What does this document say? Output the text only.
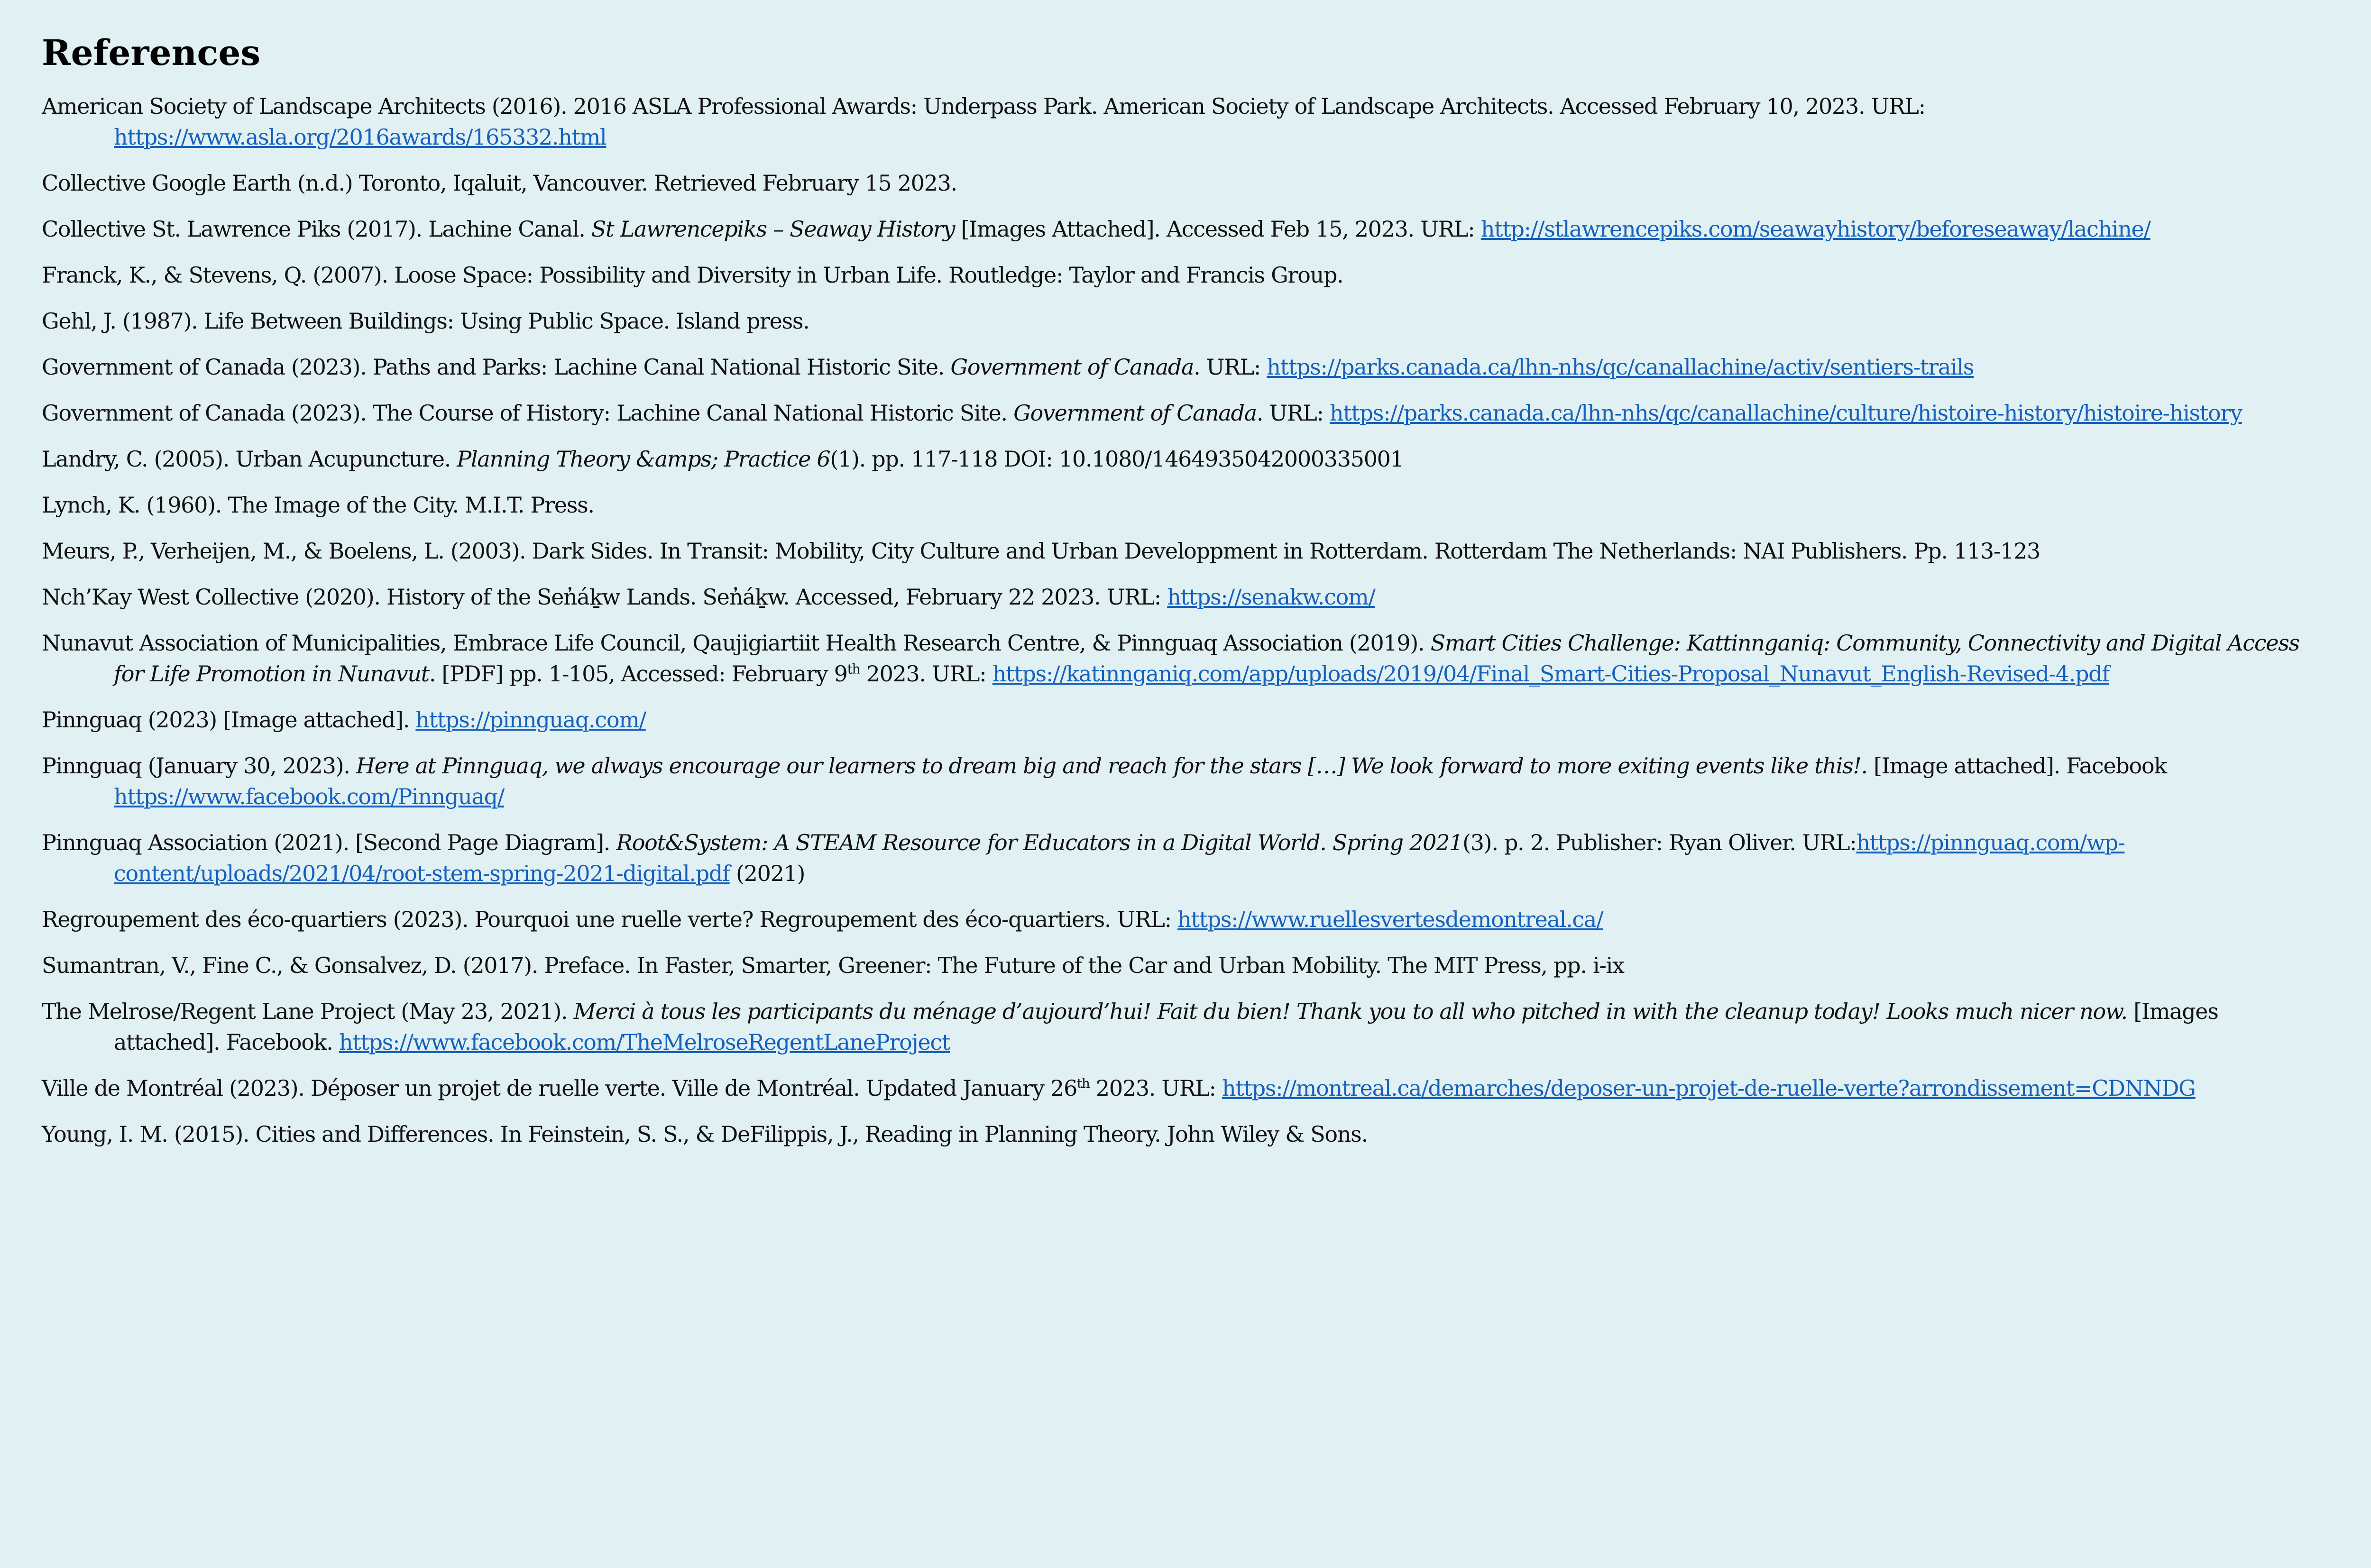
References
American Society of Landscape Architects (2016). 2016 ASLA Professional Awards: Underpass Park. American Society of Landscape Architects. Accessed February 10, 2023. URL: https://www.asla.org/2016awards/165332.html
Collective Google Earth (n.d.) Toronto, Iqaluit, Vancouver. Retrieved February 15 2023.
Collective St. Lawrence Piks (2017). Lachine Canal. St Lawrencepiks – Seaway History [Images Attached]. Accessed Feb 15, 2023. URL: http://stlawrencepiks.com/seawayhistory/beforeseaway/lachine/
Franck, K., & Stevens, Q. (2007). Loose Space: Possibility and Diversity in Urban Life. Routledge: Taylor and Francis Group.
Gehl, J. (1987). Life Between Buildings: Using Public Space. Island press.
Government of Canada (2023). Paths and Parks: Lachine Canal National Historic Site. Government of Canada. URL: https://parks.canada.ca/lhn-nhs/qc/canallachine/activ/sentiers-trails
Government of Canada (2023). The Course of History: Lachine Canal National Historic Site. Government of Canada. URL: https://parks.canada.ca/lhn-nhs/qc/canallachine/culture/histoire-history/histoire-history
Landry, C. (2005). Urban Acupuncture. Planning Theory &amps; Practice 6(1). pp. 117-118 DOI: 10.1080/1464935042000335001
Lynch, K. (1960). The Image of the City. M.I.T. Press.
Meurs, P., Verheijen, M., & Boelens, L. (2003). Dark Sides. In Transit: Mobility, City Culture and Urban Developpment in Rotterdam. Rotterdam The Netherlands: NAI Publishers. Pp. 113-123
Nch’Kay West Collective (2020). History of the Sen̓áḵw Lands. Sen̓áḵw. Accessed, February 22 2023. URL: https://senakw.com/
Nunavut Association of Municipalities, Embrace Life Council, Qaujigiartiit Health Research Centre, & Pinnguaq Association (2019). Smart Cities Challenge: Kattinnganiq: Community, Connectivity and Digital Access for Life Promotion in Nunavut. [PDF] pp. 1-105, Accessed: February 9th 2023. URL: https://katinnganiq.com/app/uploads/2019/04/Final_Smart-Cities-Proposal_Nunavut_English-Revised-4.pdf
Pinnguaq (2023) [Image attached]. https://pinnguaq.com/
Pinnguaq (January 30, 2023). Here at Pinnguaq, we always encourage our learners to dream big and reach for the stars […] We look forward to more exiting events like this!. [Image attached]. Facebook https://www.facebook.com/Pinnguaq/
Pinnguaq Association (2021). [Second Page Diagram]. Root&System: A STEAM Resource for Educators in a Digital World. Spring 2021(3). p. 2. Publisher: Ryan Oliver. URL:https://pinnguaq.com/wp-content/uploads/2021/04/root-stem-spring-2021-digital.pdf (2021)
Regroupement des éco-quartiers (2023). Pourquoi une ruelle verte? Regroupement des éco-quartiers. URL: https://www.ruellesvertesdemontreal.ca/
Sumantran, V., Fine C., & Gonsalvez, D. (2017). Preface. In Faster, Smarter, Greener: The Future of the Car and Urban Mobility. The MIT Press, pp. i-ix
The Melrose/Regent Lane Project (May 23, 2021). Merci à tous les participants du ménage d’aujourd’hui! Fait du bien! Thank you to all who pitched in with the cleanup today! Looks much nicer now. [Images attached]. Facebook. https://www.facebook.com/TheMelroseRegentLaneProject
Ville de Montréal (2023). Déposer un projet de ruelle verte. Ville de Montréal. Updated January 26th 2023. URL: https://montreal.ca/demarches/deposer-un-projet-de-ruelle-verte?arrondissement=CDNNDG
Young, I. M. (2015). Cities and Differences. In Feinstein, S. S., & DeFilippis, J., Reading in Planning Theory. John Wiley & Sons.
